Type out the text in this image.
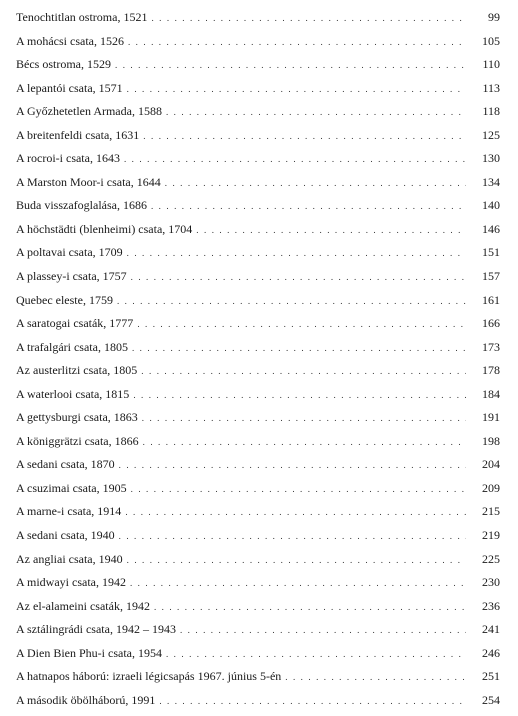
Tenochtitlan ostroma, 1521 . . .	99
A mohácsi csata, 1526 . . .	105
Bécs ostroma, 1529 . . .	110
A lepantói csata, 1571 . . .	113
A Győzhetetlen Armada, 1588 . . .	118
A breitenfeldi csata, 1631 . . .	125
A rocroi-i csata, 1643 . . .	130
A Marston Moor-i csata, 1644 . . .	134
Buda visszafoglalása, 1686 . . .	140
A höchstädti (blenheimi) csata, 1704 . . .	146
A poltavai csata, 1709 . . .	151
A plassey-i csata, 1757 . . .	157
Quebec eleste, 1759 . . .	161
A saratogai csaták, 1777 . . .	166
A trafalgári csata, 1805 . . .	173
Az austerlitzi csata, 1805 . . .	178
A waterlooi csata, 1815 . . .	184
A gettysburgi csata, 1863 . . .	191
A königgrätzi csata, 1866 . . .	198
A sedani csata, 1870 . . .	204
A csuzimai csata, 1905 . . .	209
A marne-i csata, 1914 . . .	215
A sedani csata, 1940 . . .	219
Az angliai csata, 1940 . . .	225
A midwayi csata, 1942 . . .	230
Az el-alameini csaták, 1942 . . .	236
A sztálingrádi csata, 1942 – 1943 . . .	241
A Dien Bien Phu-i csata, 1954 . . .	246
A hatnapos háború: izraeli légicsapás 1967. június 5-én . . .	251
A második öbölháború, 1991 . . .	254
